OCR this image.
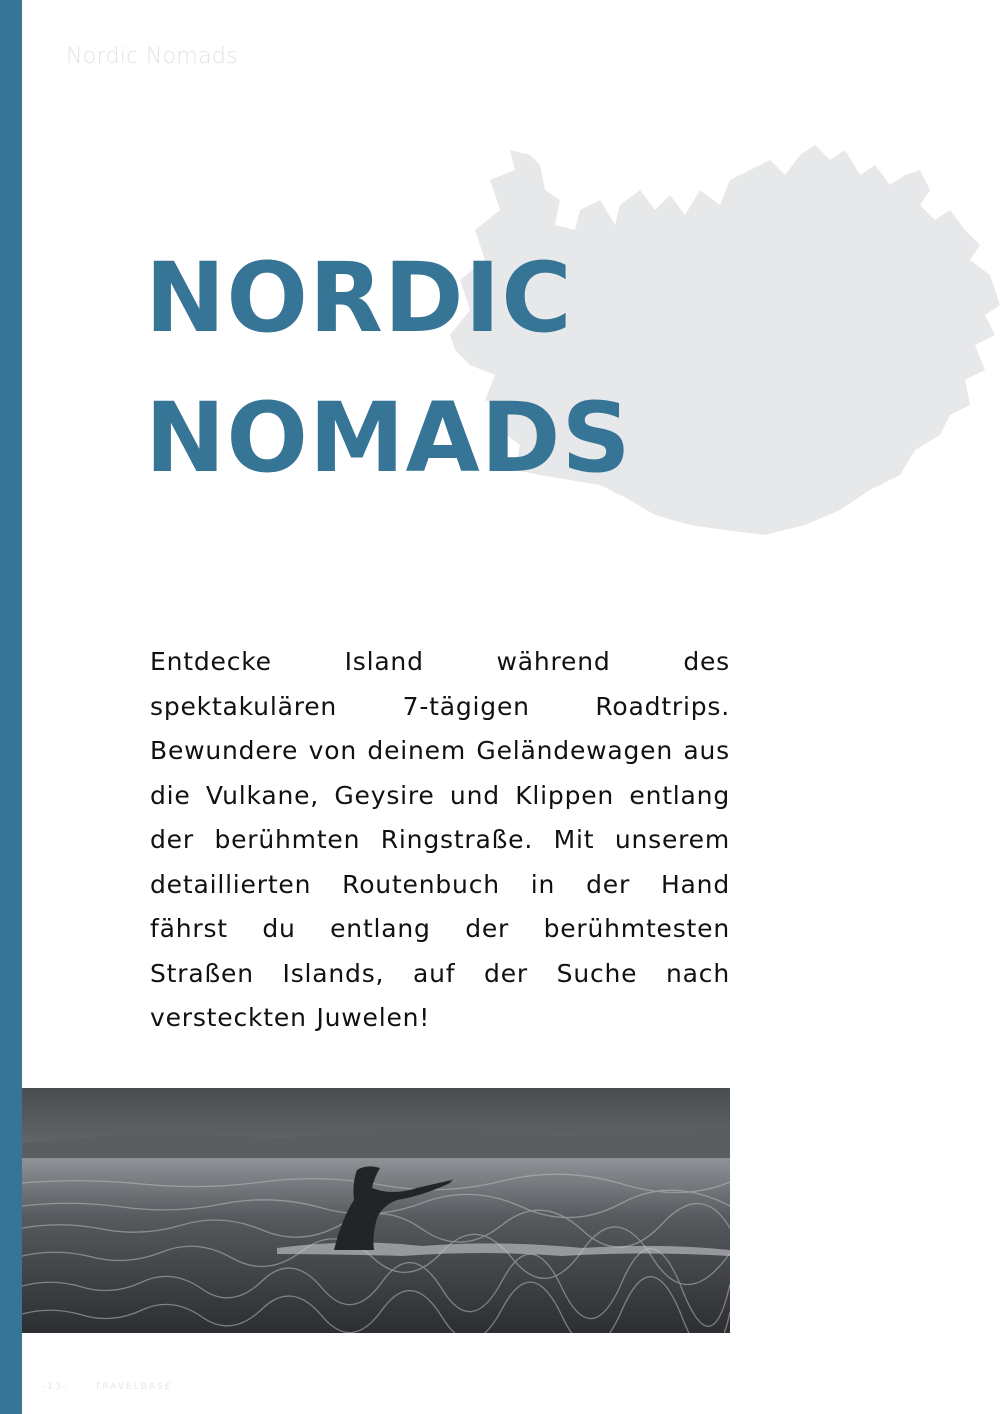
Nordic Nomads
NORDIC
NOMADS

Entdecke Island während des spektakulären 7-tägigen Roadtrips. Bewundere von deinem Geländewagen aus die Vulkane, Geysire und Klippen entlang der berühmten Ringstraße. Mit unserem detaillierten Routenbuch in der Hand fährst du entlang der berühmtesten Straßen Islands, auf der Suche nach versteckten Juwelen!

-13-	TRAVELBASE
